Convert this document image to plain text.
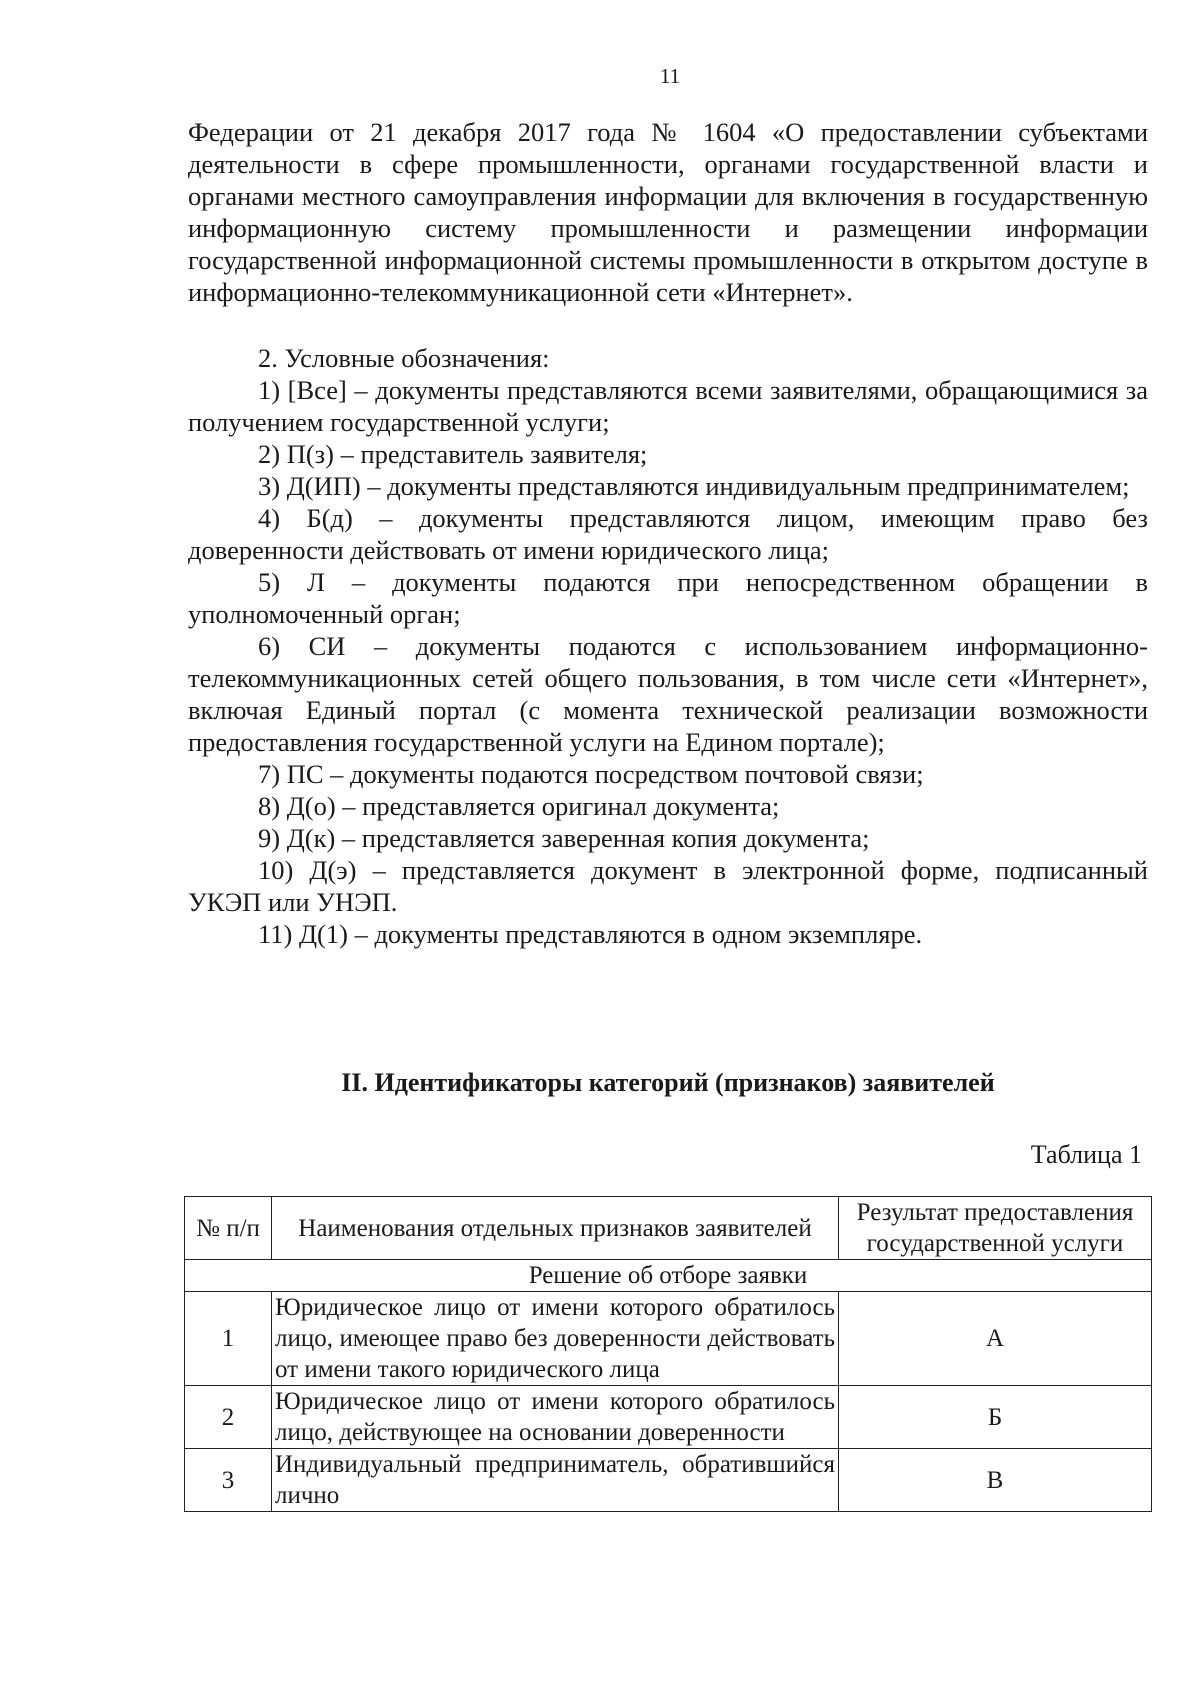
11

Федерации от 21 декабря 2017 года № 1604 «О предоставлении субъектами деятельности в сфере промышленности, органами государственной власти и органами местного самоуправления информации для включения в государственную информационную систему промышленности и размещении информации государственной информационной системы промышленности в открытом доступе в информационно-телекоммуникационной сети «Интернет».

2. Условные обозначения:

1) [Все] – документы представляются всеми заявителями, обращающимися за получением государственной услуги;

2) П(з) – представитель заявителя;

3) Д(ИП) – документы представляются индивидуальным предпринимателем;

4) Б(д) – документы представляются лицом, имеющим право без доверенности действовать от имени юридического лица;

5) Л – документы подаются при непосредственном обращении в уполномоченный орган;

6) СИ – документы подаются с использованием информационно-телекоммуникационных сетей общего пользования, в том числе сети «Интернет», включая Единый портал (с момента технической реализации возможности предоставления государственной услуги на Едином портале);

7) ПС – документы подаются посредством почтовой связи;

8) Д(о) – представляется оригинал документа;

9) Д(к) – представляется заверенная копия документа;

10) Д(э) – представляется документ в электронной форме, подписанный УКЭП или УНЭП.

11) Д(1) – документы представляются в одном экземпляре.

II. Идентификаторы категорий (признаков) заявителей
Таблица 1
№ п/п	Наименования отдельных признаков заявителей	Результат предоставления государственной услуги
Решение об отборе заявки		
1	Юридическое лицо от имени которого обратилось лицо, имеющее право без доверенности действовать от имени такого юридического лица	А
2	Юридическое лицо от имени которого обратилось лицо, действующее на основании доверенности	Б
3	Индивидуальный предприниматель, обратившийся лично	В
